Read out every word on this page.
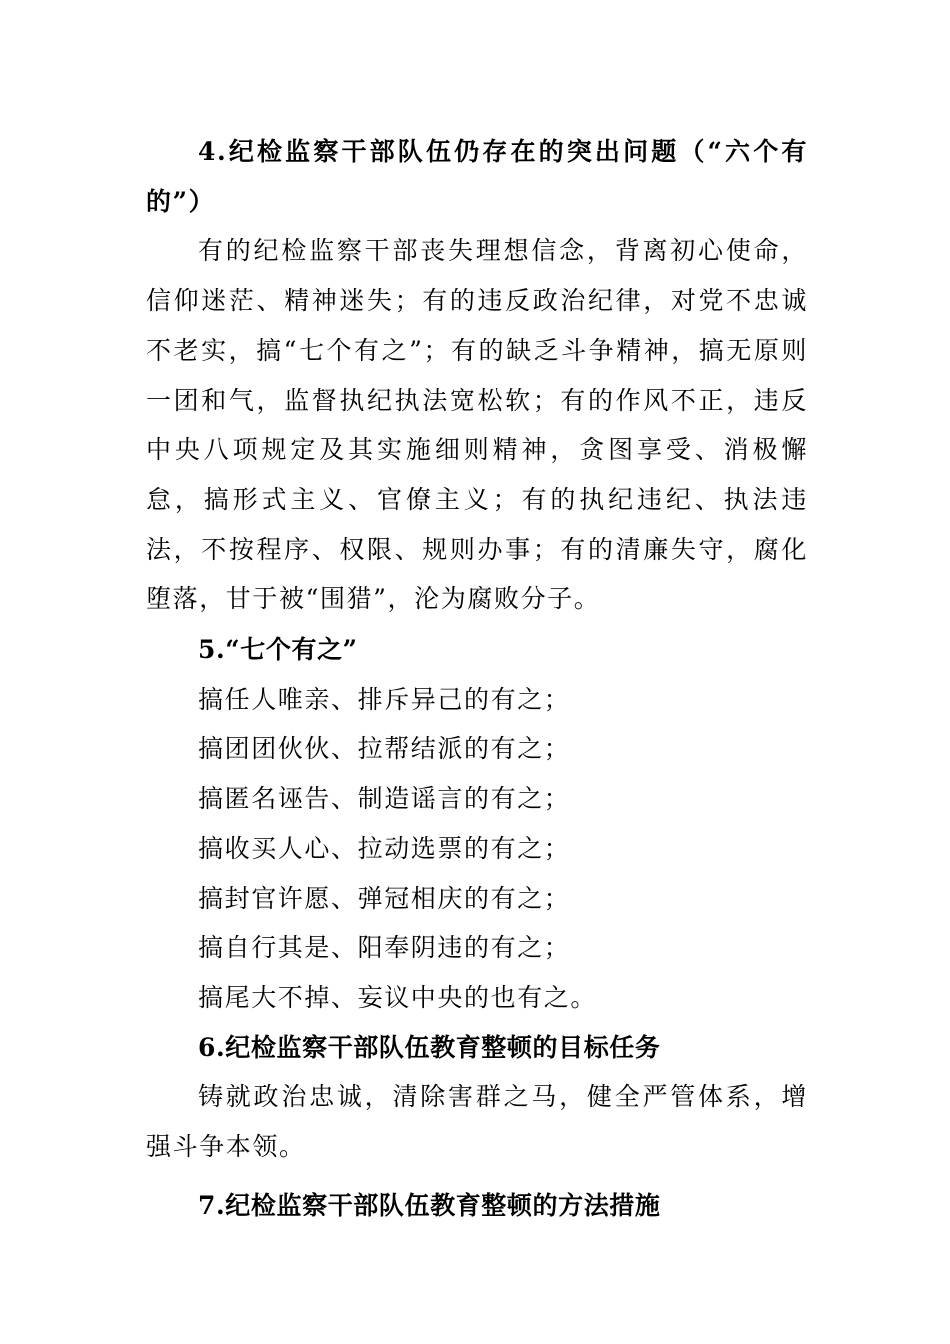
4.纪检监察干部队伍仍存在的突出问题（“六个有的”）

有的纪检监察干部丧失理想信念，背离初心使命，信仰迷茫、精神迷失；有的违反政治纪律，对党不忠诚不老实，搞“七个有之”；有的缺乏斗争精神，搞无原则一团和气，监督执纪执法宽松软；有的作风不正，违反中央八项规定及其实施细则精神，贪图享受、消极懈怠，搞形式主义、官僚主义；有的执纪违纪、执法违法，不按程序、权限、规则办事；有的清廉失守，腐化堕落，甘于被“围猎”，沦为腐败分子。

5.“七个有之”

搞任人唯亲、排斥异己的有之；

搞团团伙伙、拉帮结派的有之；

搞匿名诬告、制造谣言的有之；

搞收买人心、拉动选票的有之；

搞封官许愿、弹冠相庆的有之；

搞自行其是、阳奉阴违的有之；

搞尾大不掉、妄议中央的也有之。

6.纪检监察干部队伍教育整顿的目标任务

铸就政治忠诚，清除害群之马，健全严管体系，增强斗争本领。

7.纪检监察干部队伍教育整顿的方法措施
